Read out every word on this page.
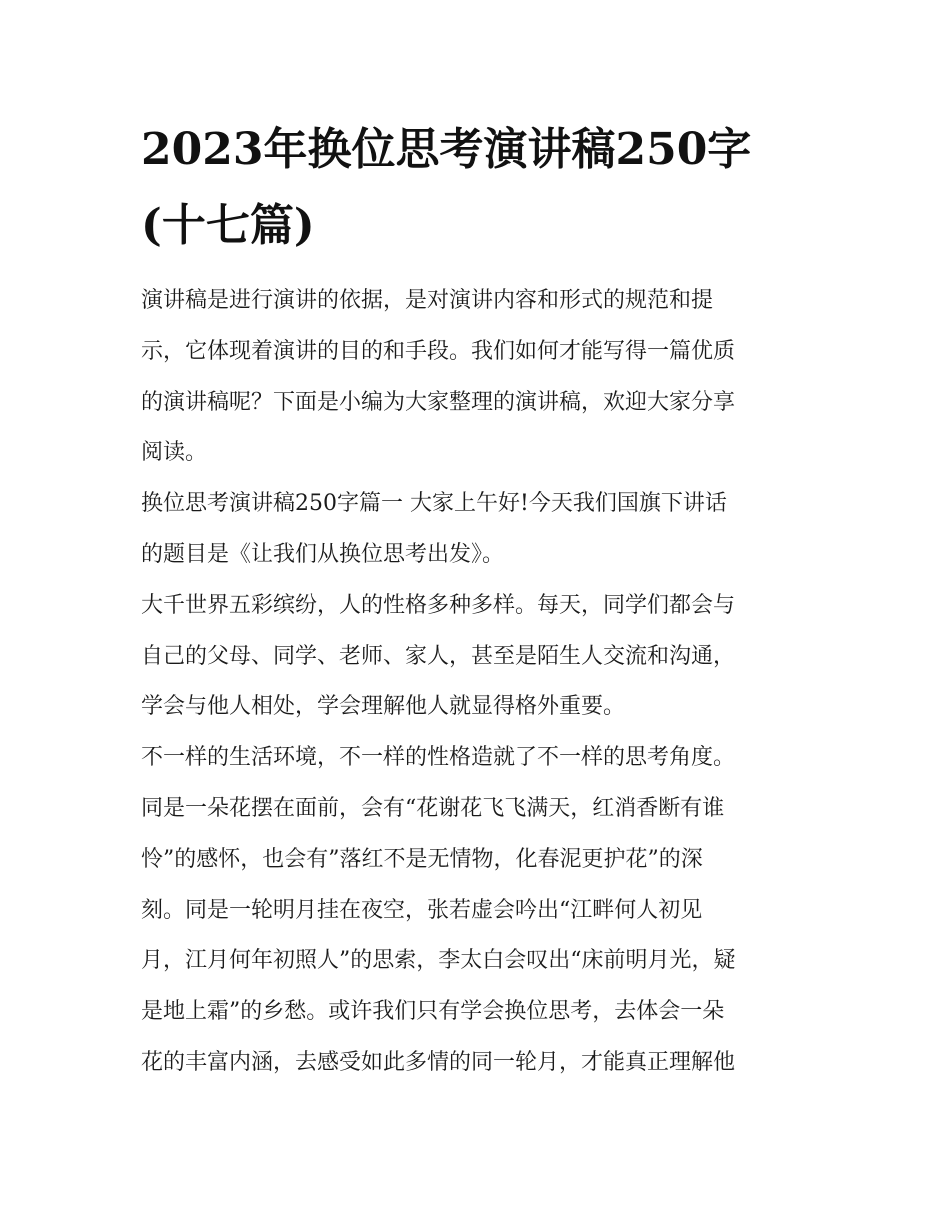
2023年换位思考演讲稿250字
(十七篇)
演讲稿是进行演讲的依据，是对演讲内容和形式的规范和提
示，它体现着演讲的目的和手段。我们如何才能写得一篇优质
的演讲稿呢？下面是小编为大家整理的演讲稿，欢迎大家分享
阅读。
换位思考演讲稿250字篇一 大家上午好!今天我们国旗下讲话
的题目是《让我们从换位思考出发》。
大千世界五彩缤纷，人的性格多种多样。每天，同学们都会与
自己的父母、同学、老师、家人，甚至是陌生人交流和沟通，
学会与他人相处，学会理解他人就显得格外重要。
不一样的生活环境，不一样的性格造就了不一样的思考角度。
同是一朵花摆在面前，会有“花谢花飞飞满天，红消香断有谁
怜”的感怀，也会有”落红不是无情物，化春泥更护花”的深
刻。同是一轮明月挂在夜空，张若虚会吟出“江畔何人初见
月，江月何年初照人”的思索，李太白会叹出“床前明月光，疑
是地上霜”的乡愁。或许我们只有学会换位思考，去体会一朵
花的丰富内涵，去感受如此多情的同一轮月，才能真正理解他
